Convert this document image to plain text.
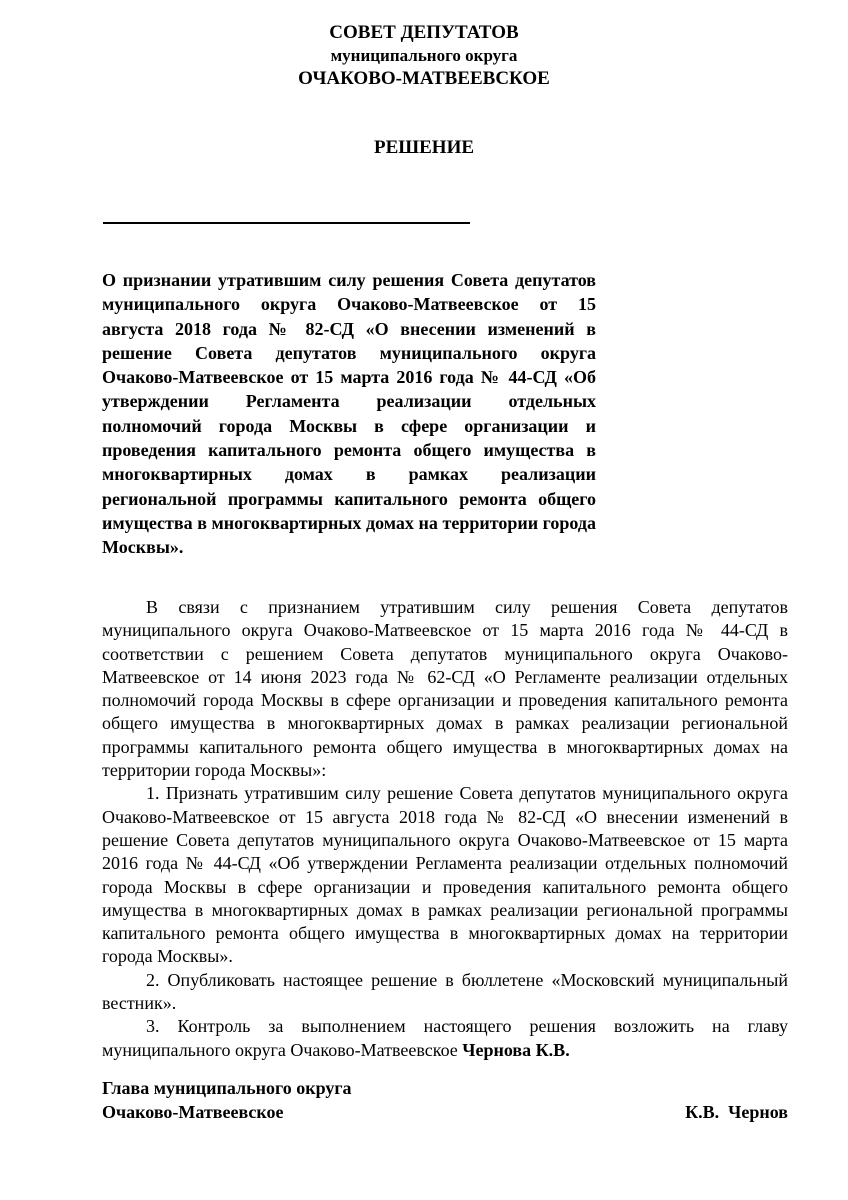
СОВЕТ ДЕПУТАТОВ
муниципального округа
ОЧАКОВО-МАТВЕЕВСКОЕ
РЕШЕНИЕ
О признании утратившим силу решения Совета депутатов муниципального округа Очаково-Матвеевское от 15 августа 2018 года № 82-СД «О внесении изменений в решение Совета депутатов муниципального округа Очаково-Матвеевское от 15 марта 2016 года № 44-СД «Об утверждении Регламента реализации отдельных полномочий города Москвы в сфере организации и проведения капитального ремонта общего имущества в многоквартирных домах в рамках реализации региональной программы капитального ремонта общего имущества в многоквартирных домах на территории города Москвы».

В связи с признанием утратившим силу решения Совета депутатов муниципального округа Очаково-Матвеевское от 15 марта 2016 года № 44-СД в соответствии с решением Совета депутатов муниципального округа Очаково-Матвеевское от 14 июня 2023 года № 62-СД «О Регламенте реализации отдельных полномочий города Москвы в сфере организации и проведения капитального ремонта общего имущества в многоквартирных домах в рамках реализации региональной программы капитального ремонта общего имущества в многоквартирных домах на территории города Москвы»:

1. Признать утратившим силу решение Совета депутатов муниципального округа Очаково-Матвеевское от 15 августа 2018 года № 82-СД «О внесении изменений в решение Совета депутатов муниципального округа Очаково-Матвеевское от 15 марта 2016 года № 44-СД «Об утверждении Регламента реализации отдельных полномочий города Москвы в сфере организации и проведения капитального ремонта общего имущества в многоквартирных домах в рамках реализации региональной программы капитального ремонта общего имущества в многоквартирных домах на территории города Москвы».

2. Опубликовать настоящее решение в бюллетене «Московский муниципальный вестник».

3. Контроль за выполнением настоящего решения возложить на главу муниципального округа Очаково-Матвеевское Чернова К.В.

Глава муниципального округа
Очаково-Матвеевское	К.В.  Чернов
